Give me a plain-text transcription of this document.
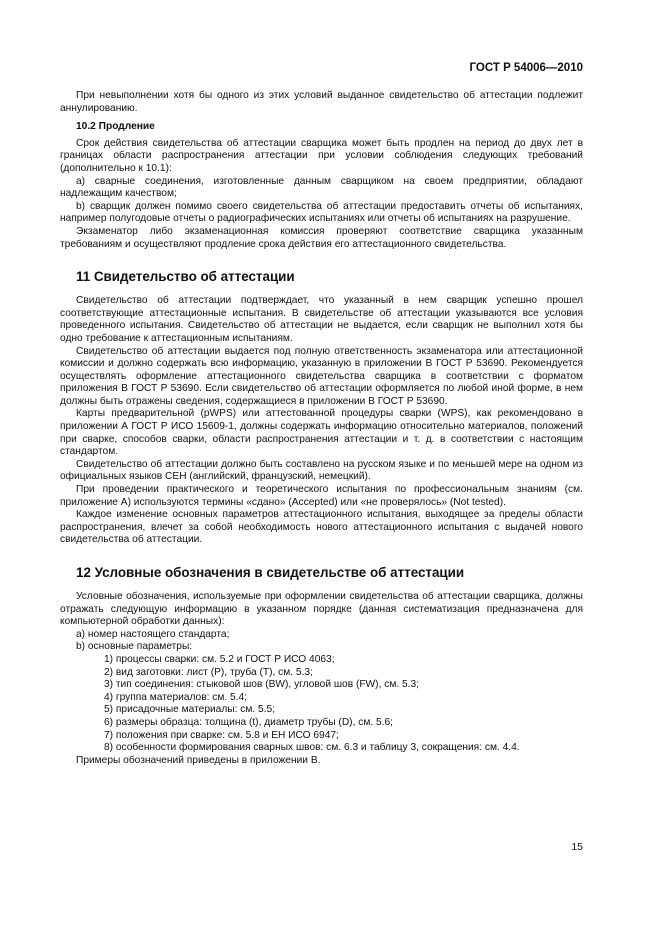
ГОСТ Р 54006—2010

При невыполнении хотя бы одного из этих условий выданное свидетельство об аттестации подлежит аннулированию.

10.2 Продление

Срок действия свидетельства об аттестации сварщика может быть продлен на период до двух лет в границах области распространения аттестации при условии соблюдения следующих требований (дополнительно к 10.1):

a) сварные соединения, изготовленные данным сварщиком на своем предприятии, обладают надлежащим качеством;

b) сварщик должен помимо своего свидетельства об аттестации предоставить отчеты об испытаниях, например полугодовые отчеты о радиографических испытаниях или отчеты об испытаниях на разрушение.

Экзаменатор либо экзаменационная комиссия проверяют соответствие сварщика указанным требованиям и осуществляют продление срока действия его аттестационного свидетельства.

11 Свидетельство об аттестации

Свидетельство об аттестации подтверждает, что указанный в нем сварщик успешно прошел соответствующие аттестационные испытания. В свидетельстве об аттестации указываются все условия проведенного испытания. Свидетельство об аттестации не выдается, если сварщик не выполнил хотя бы одно требование к аттестационным испытаниям.

Свидетельство об аттестации выдается под полную ответственность экзаменатора или аттестационной комиссии и должно содержать всю информацию, указанную в приложении В ГОСТ Р 53690. Рекомендуется осуществлять оформление аттестационного свидетельства сварщика в соответствии с форматом приложения В ГОСТ Р 53690. Если свидетельство об аттестации оформляется по любой иной форме, в нем должны быть отражены сведения, содержащиеся в приложении В ГОСТ Р 53690.

Карты предварительной (pWPS) или аттестованной процедуры сварки (WPS), как рекомендовано в приложении А ГОСТ Р ИСО 15609-1, должны содержать информацию относительно материалов, положений при сварке, способов сварки, области распространения аттестации и т. д. в соответствии с настоящим стандартом.

Свидетельство об аттестации должно быть составлено на русском языке и по меньшей мере на одном из официальных языков СЕН (английский, французский, немецкий).

При проведении практического и теоретического испытания по профессиональным знаниям (см. приложение А) используются термины «сдано» (Accepted) или «не проверялось» (Not tested).

Каждое изменение основных параметров аттестационного испытания, выходящее за пределы области распространения, влечет за собой необходимость нового аттестационного испытания с выдачей нового свидетельства об аттестации.

12 Условные обозначения в свидетельстве об аттестации

Условные обозначения, используемые при оформлении свидетельства об аттестации сварщика, должны отражать следующую информацию в указанном порядке (данная систематизация предназначена для компьютерной обработки данных):

a) номер настоящего стандарта;

b) основные параметры:

1) процессы сварки: см. 5.2 и ГОСТ Р ИСО 4063;

2) вид заготовки: лист (P), труба (T), см. 5.3;

3) тип соединения: стыковой шов (BW), угловой шов (FW), см. 5.3;

4) группа материалов: см. 5.4;

5) присадочные материалы: см. 5.5;

6) размеры образца: толщина (t), диаметр трубы (D), см. 5.6;

7) положения при сварке: см. 5.8 и ЕН ИСО 6947;

8) особенности формирования сварных швов: см. 6.3 и таблицу 3, сокращения: см. 4.4.

Примеры обозначений приведены в приложении В.

15
